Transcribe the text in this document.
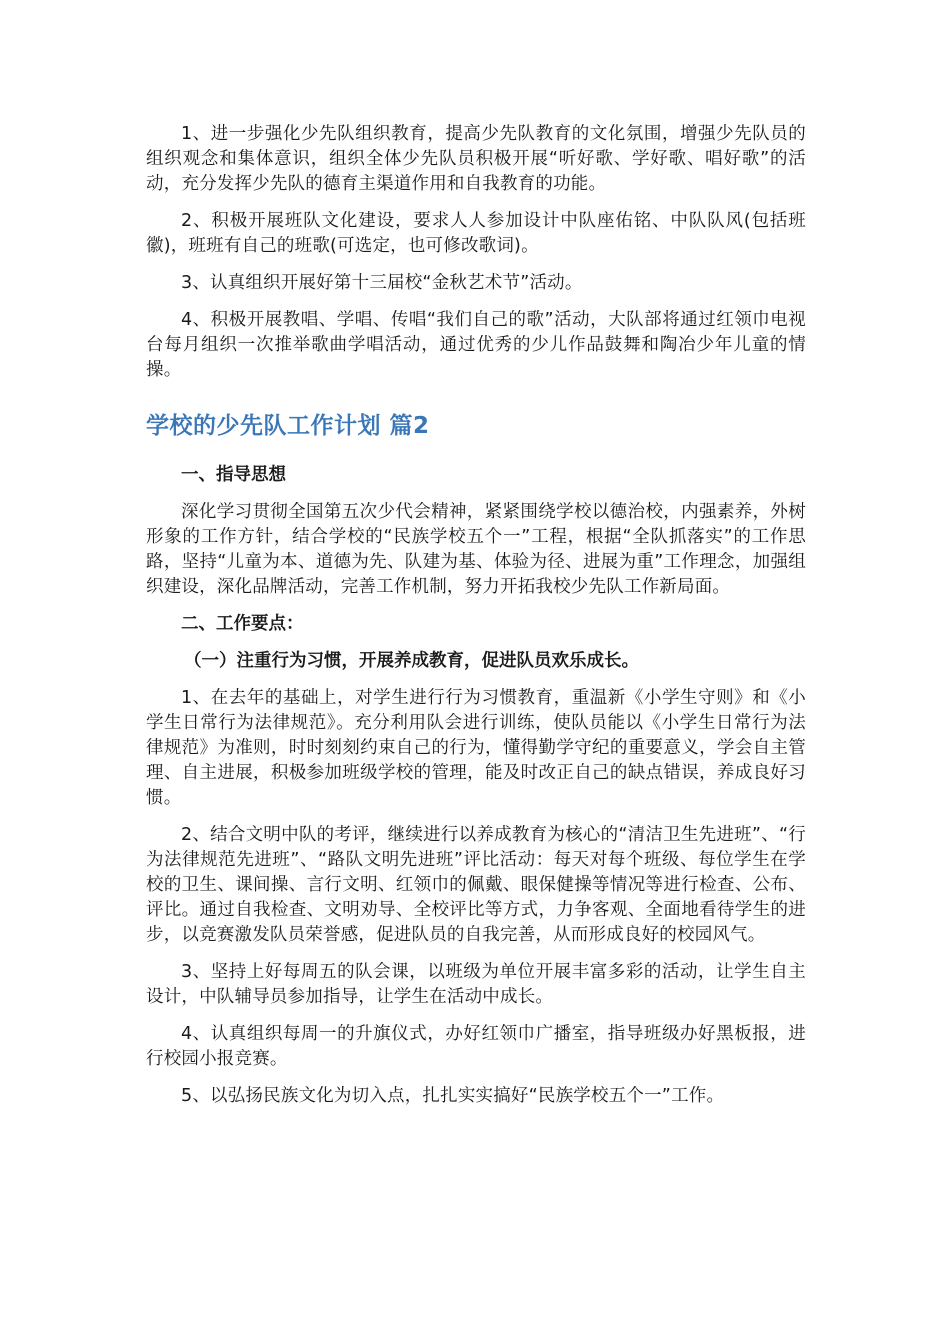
1、进一步强化少先队组织教育，提高少先队教育的文化氛围，增强少先队员的组织观念和集体意识，组织全体少先队员积极开展“听好歌、学好歌、唱好歌”的活动，充分发挥少先队的德育主渠道作用和自我教育的功能。

2、积极开展班队文化建设，要求人人参加设计中队座佑铭、中队队风(包括班徽)，班班有自己的班歌(可选定，也可修改歌词)。

3、认真组织开展好第十三届校“金秋艺术节”活动。

4、积极开展教唱、学唱、传唱“我们自己的歌”活动，大队部将通过红领巾电视台每月组织一次推举歌曲学唱活动，通过优秀的少儿作品鼓舞和陶冶少年儿童的情操。

学校的少先队工作计划 篇2

一、指导思想

深化学习贯彻全国第五次少代会精神，紧紧围绕学校以德治校，内强素养，外树形象的工作方针，结合学校的“民族学校五个一”工程，根据“全队抓落实”的工作思路，坚持“儿童为本、道德为先、队建为基、体验为径、进展为重”工作理念，加强组织建设，深化品牌活动，完善工作机制，努力开拓我校少先队工作新局面。

二、工作要点：

（一）注重行为习惯，开展养成教育，促进队员欢乐成长。

1、在去年的基础上，对学生进行行为习惯教育，重温新《小学生守则》和《小学生日常行为法律规范》。充分利用队会进行训练，使队员能以《小学生日常行为法律规范》为准则，时时刻刻约束自己的行为，懂得勤学守纪的重要意义，学会自主管理、自主进展，积极参加班级学校的管理，能及时改正自己的缺点错误，养成良好习惯。

2、结合文明中队的考评，继续进行以养成教育为核心的“清洁卫生先进班”、“行为法律规范先进班”、“路队文明先进班”评比活动：每天对每个班级、每位学生在学校的卫生、课间操、言行文明、红领巾的佩戴、眼保健操等情况等进行检查、公布、评比。通过自我检查、文明劝导、全校评比等方式，力争客观、全面地看待学生的进步，以竞赛激发队员荣誉感，促进队员的自我完善，从而形成良好的校园风气。

3、坚持上好每周五的队会课，以班级为单位开展丰富多彩的活动，让学生自主设计，中队辅导员参加指导，让学生在活动中成长。

4、认真组织每周一的升旗仪式，办好红领巾广播室，指导班级办好黑板报，进行校园小报竞赛。

5、以弘扬民族文化为切入点，扎扎实实搞好“民族学校五个一”工作。
